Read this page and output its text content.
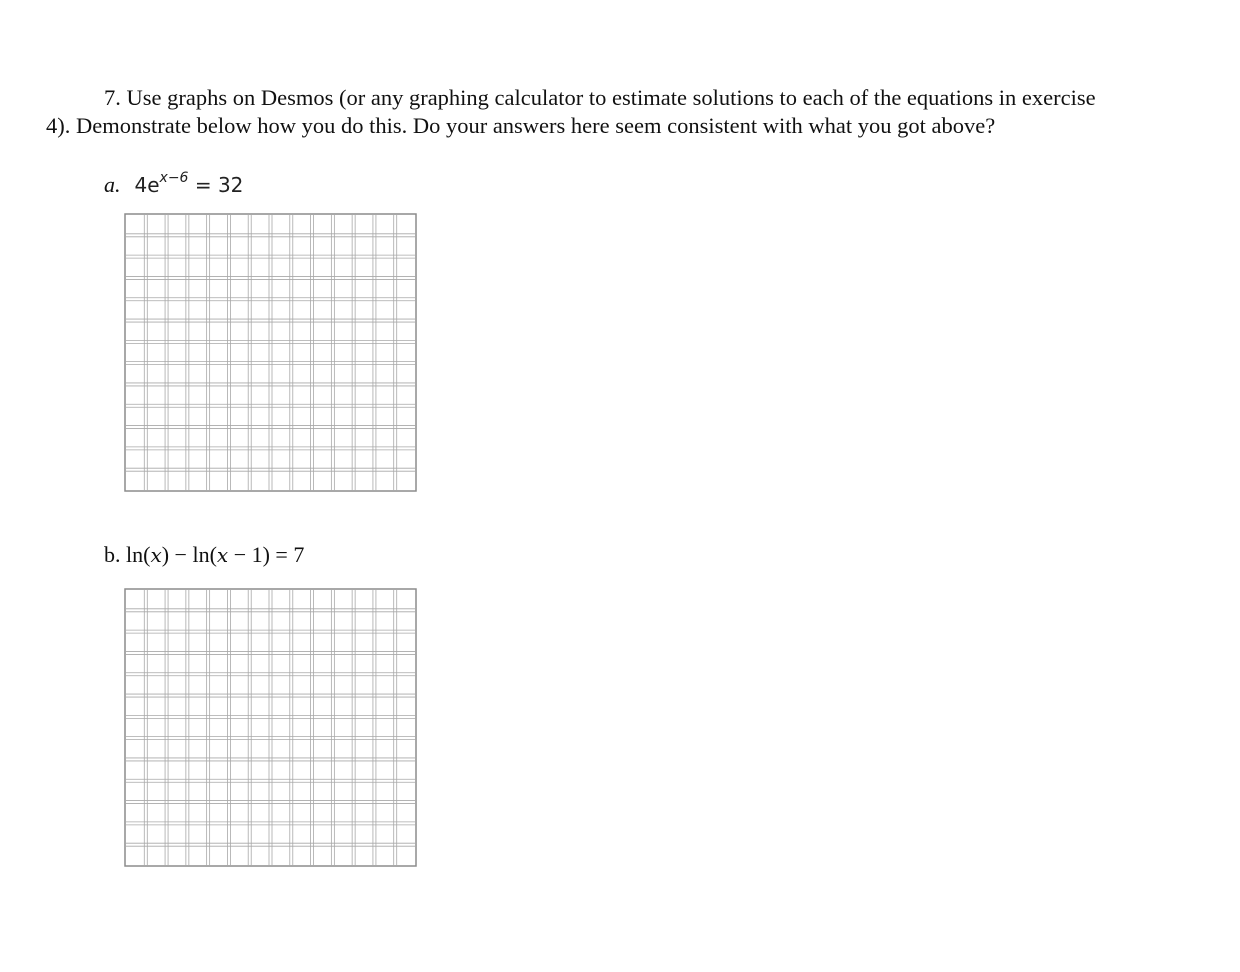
7. Use graphs on Desmos (or any graphing calculator to estimate solutions to each of the equations in exercise
4). Demonstrate below how you do this. Do your answers here seem consistent with what you got above?
a. $4e^{x-6} = 32$
b. ln(x) − ln(x − 1) = 7
